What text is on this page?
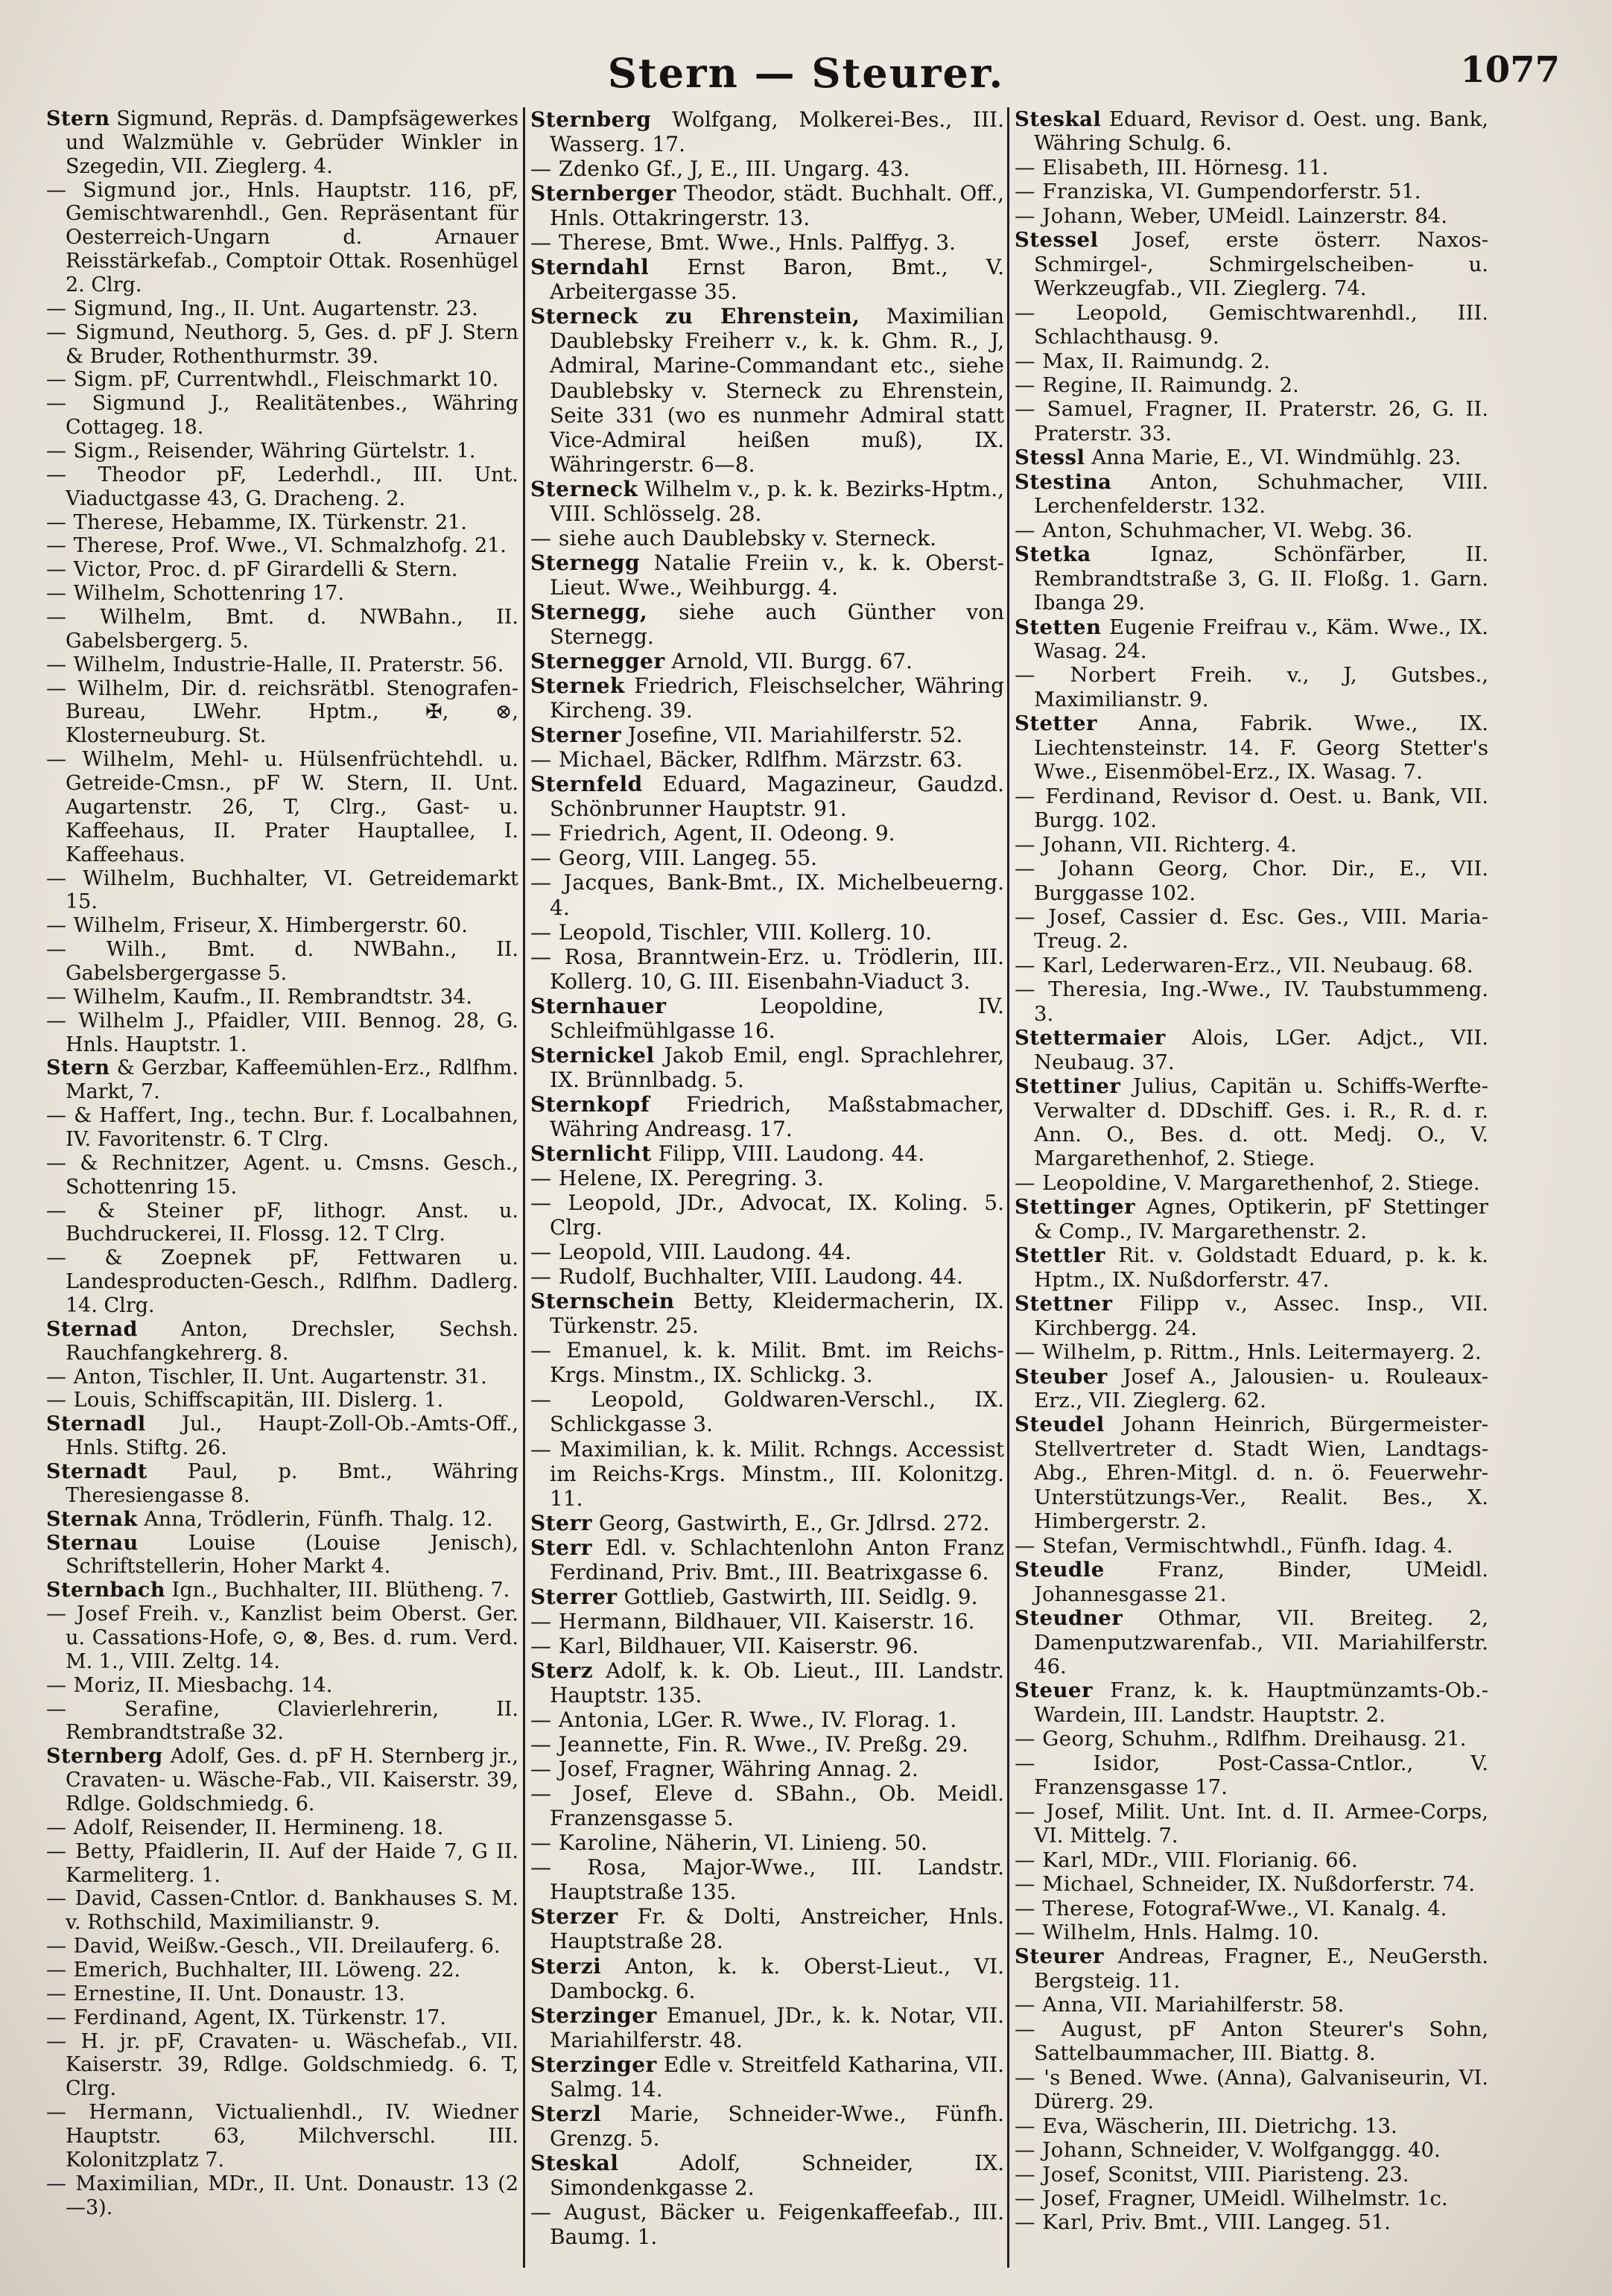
Stern — Steurer.	1077

Stern Sigmund, Repräs. d. Dampfsägewerkes und Walzmühle v. Gebrüder Winkler in Szegedin, VII. Zieglerg. 4.

— Sigmund jor., Hnls. Hauptstr. 116, pF, Gemischtwarenhdl., Gen. Repräsentant für Oesterreich-Ungarn d. Arnauer Reisstärkefab., Comptoir Ottak. Rosenhügel 2. Clrg.

— Sigmund, Ing., II. Unt. Augartenstr. 23.

— Sigmund, Neuthorg. 5, Ges. d. pF J. Stern & Bruder, Rothenthurmstr. 39.

— Sigm. pF, Currentwhdl., Fleischmarkt 10.

— Sigmund J., Realitätenbes., Währing Cottageg. 18.

— Sigm., Reisender, Währing Gürtelstr. 1.

— Theodor pF, Lederhdl., III. Unt. Viaductgasse 43, G. Dracheng. 2.

— Therese, Hebamme, IX. Türkenstr. 21.

— Therese, Prof. Wwe., VI. Schmalzhofg. 21.

— Victor, Proc. d. pF Girardelli & Stern.

— Wilhelm, Schottenring 17.

— Wilhelm, Bmt. d. NWBahn., II. Gabelsbergerg. 5.

— Wilhelm, Industrie-Halle, II. Praterstr. 56.

— Wilhelm, Dir. d. reichsrätbl. Stenografen-Bureau, LWehr. Hptm., ✠, ⊗, Klosterneuburg. St.

— Wilhelm, Mehl- u. Hülsenfrüchtehdl. u. Getreide-Cmsn., pF W. Stern, II. Unt. Augartenstr. 26, T, Clrg., Gast- u. Kaffeehaus, II. Prater Hauptallee, I. Kaffeehaus.

— Wilhelm, Buchhalter, VI. Getreidemarkt 15.

— Wilhelm, Friseur, X. Himbergerstr. 60.

— Wilh., Bmt. d. NWBahn., II. Gabelsbergergasse 5.

— Wilhelm, Kaufm., II. Rembrandtstr. 34.

— Wilhelm J., Pfaidler, VIII. Bennog. 28, G. Hnls. Hauptstr. 1.

Stern & Gerzbar, Kaffeemühlen-Erz., Rdlfhm. Markt, 7.

— & Haffert, Ing., techn. Bur. f. Localbahnen, IV. Favoritenstr. 6. T Clrg.

— & Rechnitzer, Agent. u. Cmsns. Gesch., Schottenring 15.

— & Steiner pF, lithogr. Anst. u. Buchdruckerei, II. Flossg. 12. T Clrg.

— & Zoepnek pF, Fettwaren u. Landesproducten-Gesch., Rdlfhm. Dadlerg. 14. Clrg.

Sternad Anton, Drechsler, Sechsh. Rauchfangkehrerg. 8.

— Anton, Tischler, II. Unt. Augartenstr. 31.

— Louis, Schiffscapitän, III. Dislerg. 1.

Sternadl Jul., Haupt-Zoll-Ob.-Amts-Off., Hnls. Stiftg. 26.

Sternadt Paul, p. Bmt., Währing Theresiengasse 8.

Sternak Anna, Trödlerin, Fünfh. Thalg. 12.

Sternau Louise (Louise Jenisch), Schriftstellerin, Hoher Markt 4.

Sternbach Ign., Buchhalter, III. Blütheng. 7.

— Josef Freih. v., Kanzlist beim Oberst. Ger. u. Cassations-Hofe, ⊙, ⊗, Bes. d. rum. Verd. M. 1., VIII. Zeltg. 14.

— Moriz, II. Miesbachg. 14.

— Serafine, Clavierlehrerin, II. Rembrandtstraße 32.

Sternberg Adolf, Ges. d. pF H. Sternberg jr., Cravaten- u. Wäsche-Fab., VII. Kaiserstr. 39, Rdlge. Goldschmiedg. 6.

— Adolf, Reisender, II. Hermineng. 18.

— Betty, Pfaidlerin, II. Auf der Haide 7, G II. Karmeliterg. 1.

— David, Cassen-Cntlor. d. Bankhauses S. M. v. Rothschild, Maximilianstr. 9.

— David, Weißw.-Gesch., VII. Dreilauferg. 6.

— Emerich, Buchhalter, III. Löweng. 22.

— Ernestine, II. Unt. Donaustr. 13.

— Ferdinand, Agent, IX. Türkenstr. 17.

— H. jr. pF, Cravaten- u. Wäschefab., VII. Kaiserstr. 39, Rdlge. Goldschmiedg. 6. T, Clrg.

— Hermann, Victualienhdl., IV. Wiedner Hauptstr. 63, Milchverschl. III. Kolonitzplatz 7.

— Maximilian, MDr., II. Unt. Donaustr. 13 (2—3).

Sternberg Wolfgang, Molkerei-Bes., III. Wasserg. 17.

— Zdenko Gf., J, E., III. Ungarg. 43.

Sternberger Theodor, städt. Buchhalt. Off., Hnls. Ottakringerstr. 13.

— Therese, Bmt. Wwe., Hnls. Palffyg. 3.

Sterndahl Ernst Baron, Bmt., V. Arbeitergasse 35.

Sterneck zu Ehrenstein, Maximilian Daublebsky Freiherr v., k. k. Ghm. R., J, Admiral, Marine-Commandant etc., siehe Daublebsky v. Sterneck zu Ehrenstein, Seite 331 (wo es nunmehr Admiral statt Vice-Admiral heißen muß), IX. Währingerstr. 6—8.

Sterneck Wilhelm v., p. k. k. Bezirks-Hptm., VIII. Schlösselg. 28.

— siehe auch Daublebsky v. Sterneck.

Sternegg Natalie Freiin v., k. k. Oberst-Lieut. Wwe., Weihburgg. 4.

Sternegg, siehe auch Günther von Sternegg.

Sternegger Arnold, VII. Burgg. 67.

Sternek Friedrich, Fleischselcher, Währing Kircheng. 39.

Sterner Josefine, VII. Mariahilferstr. 52.

— Michael, Bäcker, Rdlfhm. Märzstr. 63.

Sternfeld Eduard, Magazineur, Gaudzd. Schönbrunner Hauptstr. 91.

— Friedrich, Agent, II. Odeong. 9.

— Georg, VIII. Langeg. 55.

— Jacques, Bank-Bmt., IX. Michelbeuerng. 4.

— Leopold, Tischler, VIII. Kollerg. 10.

— Rosa, Branntwein-Erz. u. Trödlerin, III. Kollerg. 10, G. III. Eisenbahn-Viaduct 3.

Sternhauer Leopoldine, IV. Schleifmühlgasse 16.

Sternickel Jakob Emil, engl. Sprachlehrer, IX. Brünnlbadg. 5.

Sternkopf Friedrich, Maßstabmacher, Währing Andreasg. 17.

Sternlicht Filipp, VIII. Laudong. 44.

— Helene, IX. Peregring. 3.

— Leopold, JDr., Advocat, IX. Koling. 5. Clrg.

— Leopold, VIII. Laudong. 44.

— Rudolf, Buchhalter, VIII. Laudong. 44.

Sternschein Betty, Kleidermacherin, IX. Türkenstr. 25.

— Emanuel, k. k. Milit. Bmt. im Reichs-Krgs. Minstm., IX. Schlickg. 3.

— Leopold, Goldwaren-Verschl., IX. Schlickgasse 3.

— Maximilian, k. k. Milit. Rchngs. Accessist im Reichs-Krgs. Minstm., III. Kolonitzg. 11.

Sterr Georg, Gastwirth, E., Gr. Jdlrsd. 272.

Sterr Edl. v. Schlachtenlohn Anton Franz Ferdinand, Priv. Bmt., III. Beatrixgasse 6.

Sterrer Gottlieb, Gastwirth, III. Seidlg. 9.

— Hermann, Bildhauer, VII. Kaiserstr. 16.

— Karl, Bildhauer, VII. Kaiserstr. 96.

Sterz Adolf, k. k. Ob. Lieut., III. Landstr. Hauptstr. 135.

— Antonia, LGer. R. Wwe., IV. Florag. 1.

— Jeannette, Fin. R. Wwe., IV. Preßg. 29.

— Josef, Fragner, Währing Annag. 2.

— Josef, Eleve d. SBahn., Ob. Meidl. Franzensgasse 5.

— Karoline, Näherin, VI. Linieng. 50.

— Rosa, Major-Wwe., III. Landstr. Hauptstraße 135.

Sterzer Fr. & Dolti, Anstreicher, Hnls. Hauptstraße 28.

Sterzi Anton, k. k. Oberst-Lieut., VI. Dambockg. 6.

Sterzinger Emanuel, JDr., k. k. Notar, VII. Mariahilferstr. 48.

Sterzinger Edle v. Streitfeld Katharina, VII. Salmg. 14.

Sterzl Marie, Schneider-Wwe., Fünfh. Grenzg. 5.

Steskal Adolf, Schneider, IX. Simondenkgasse 2.

— August, Bäcker u. Feigenkaffeefab., III. Baumg. 1.

Steskal Eduard, Revisor d. Oest. ung. Bank, Währing Schulg. 6.

— Elisabeth, III. Hörnesg. 11.

— Franziska, VI. Gumpendorferstr. 51.

— Johann, Weber, UMeidl. Lainzerstr. 84.

Stessel Josef, erste österr. Naxos-Schmirgel-, Schmirgelscheiben- u. Werkzeugfab., VII. Zieglerg. 74.

— Leopold, Gemischtwarenhdl., III. Schlachthausg. 9.

— Max, II. Raimundg. 2.

— Regine, II. Raimundg. 2.

— Samuel, Fragner, II. Praterstr. 26, G. II. Praterstr. 33.

Stessl Anna Marie, E., VI. Windmühlg. 23.

Stestina Anton, Schuhmacher, VIII. Lerchenfelderstr. 132.

— Anton, Schuhmacher, VI. Webg. 36.

Stetka Ignaz, Schönfärber, II. Rembrandtstraße 3, G. II. Floßg. 1. Garn. Ibanga 29.

Stetten Eugenie Freifrau v., Käm. Wwe., IX. Wasag. 24.

— Norbert Freih. v., J, Gutsbes., Maximilianstr. 9.

Stetter Anna, Fabrik. Wwe., IX. Liechtensteinstr. 14. F. Georg Stetter's Wwe., Eisenmöbel-Erz., IX. Wasag. 7.

— Ferdinand, Revisor d. Oest. u. Bank, VII. Burgg. 102.

— Johann, VII. Richterg. 4.

— Johann Georg, Chor. Dir., E., VII. Burggasse 102.

— Josef, Cassier d. Esc. Ges., VIII. Maria-Treug. 2.

— Karl, Lederwaren-Erz., VII. Neubaug. 68.

— Theresia, Ing.-Wwe., IV. Taubstummeng. 3.

Stettermaier Alois, LGer. Adjct., VII. Neubaug. 37.

Stettiner Julius, Capitän u. Schiffs-Werfte-Verwalter d. DDschiff. Ges. i. R., R. d. r. Ann. O., Bes. d. ott. Medj. O., V. Margarethenhof, 2. Stiege.

— Leopoldine, V. Margarethenhof, 2. Stiege.

Stettinger Agnes, Optikerin, pF Stettinger & Comp., IV. Margarethenstr. 2.

Stettler Rit. v. Goldstadt Eduard, p. k. k. Hptm., IX. Nußdorferstr. 47.

Stettner Filipp v., Assec. Insp., VII. Kirchbergg. 24.

— Wilhelm, p. Rittm., Hnls. Leitermayerg. 2.

Steuber Josef A., Jalousien- u. Rouleaux-Erz., VII. Zieglerg. 62.

Steudel Johann Heinrich, Bürgermeister-Stellvertreter d. Stadt Wien, Landtags-Abg., Ehren-Mitgl. d. n. ö. Feuerwehr-Unterstützungs-Ver., Realit. Bes., X. Himbergerstr. 2.

— Stefan, Vermischtwhdl., Fünfh. Idag. 4.

Steudle Franz, Binder, UMeidl. Johannesgasse 21.

Steudner Othmar, VII. Breiteg. 2, Damenputzwarenfab., VII. Mariahilferstr. 46.

Steuer Franz, k. k. Hauptmünzamts-Ob.-Wardein, III. Landstr. Hauptstr. 2.

— Georg, Schuhm., Rdlfhm. Dreihausg. 21.

— Isidor, Post-Cassa-Cntlor., V. Franzensgasse 17.

— Josef, Milit. Unt. Int. d. II. Armee-Corps, VI. Mittelg. 7.

— Karl, MDr., VIII. Florianig. 66.

— Michael, Schneider, IX. Nußdorferstr. 74.

— Therese, Fotograf-Wwe., VI. Kanalg. 4.

— Wilhelm, Hnls. Halmg. 10.

Steurer Andreas, Fragner, E., NeuGersth. Bergsteig. 11.

— Anna, VII. Mariahilferstr. 58.

— August, pF Anton Steurer's Sohn, Sattelbaummacher, III. Biattg. 8.

— 's Bened. Wwe. (Anna), Galvaniseurin, VI. Dürerg. 29.

— Eva, Wäscherin, III. Dietrichg. 13.

— Johann, Schneider, V. Wolfganggg. 40.

— Josef, Sconitst, VIII. Piaristeng. 23.

— Josef, Fragner, UMeidl. Wilhelmstr. 1c.

— Karl, Priv. Bmt., VIII. Langeg. 51.
